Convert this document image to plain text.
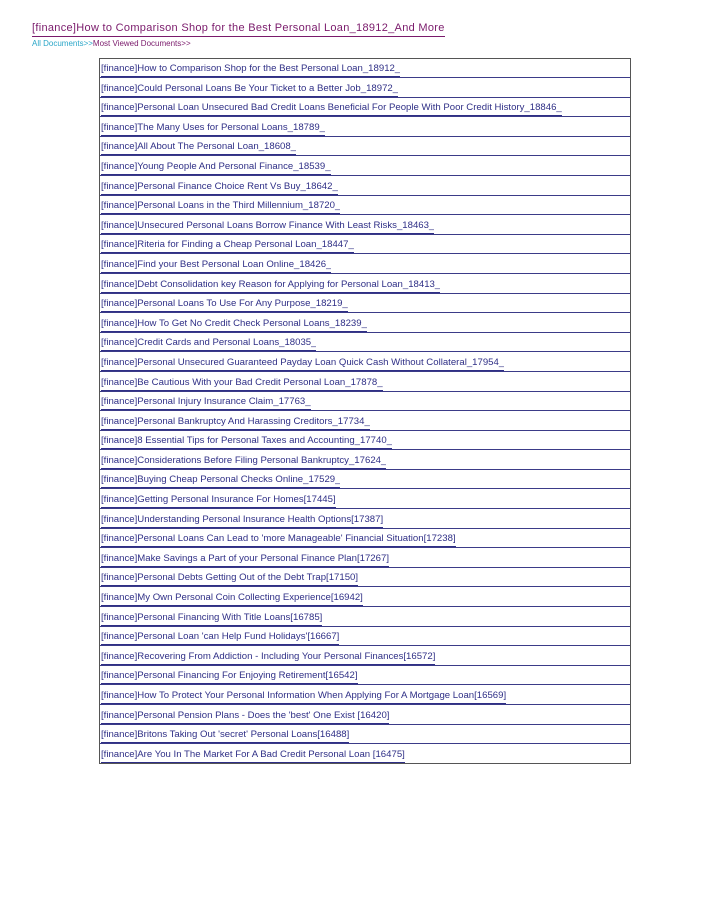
[finance]How to Comparison Shop for the Best Personal Loan_18912_And More
All Documents>>Most Viewed Documents>>
[finance]How to Comparison Shop for the Best Personal Loan_18912_
[finance]Could Personal Loans Be Your Ticket to a Better Job_18972_
[finance]Personal Loan Unsecured Bad Credit Loans Beneficial For People With Poor Credit History_18846_
[finance]The Many Uses for Personal Loans_18789_
[finance]All About The Personal Loan_18608_
[finance]Young People And Personal Finance_18539_
[finance]Personal Finance Choice Rent Vs Buy_18642_
[finance]Personal Loans in the Third Millennium_18720_
[finance]Unsecured Personal Loans Borrow Finance With Least Risks_18463_
[finance]Riteria for Finding a Cheap Personal Loan_18447_
[finance]Find your Best Personal Loan Online_18426_
[finance]Debt Consolidation key Reason for Applying for Personal Loan_18413_
[finance]Personal Loans To Use For Any Purpose_18219_
[finance]How To Get No Credit Check Personal Loans_18239_
[finance]Credit Cards and Personal Loans_18035_
[finance]Personal Unsecured Guaranteed Payday Loan Quick Cash Without Collateral_17954_
[finance]Be Cautious With your Bad Credit Personal Loan_17878_
[finance]Personal Injury Insurance Claim_17763_
[finance]Personal Bankruptcy And Harassing Creditors_17734_
[finance]8 Essential Tips for Personal Taxes and Accounting_17740_
[finance]Considerations Before Filing Personal Bankruptcy_17624_
[finance]Buying Cheap Personal Checks Online_17529_
[finance]Getting Personal Insurance For Homes[17445]
[finance]Understanding Personal Insurance Health Options[17387]
[finance]Personal Loans Can Lead to 'more Manageable' Financial Situation[17238]
[finance]Make Savings a Part of your Personal Finance Plan[17267]
[finance]Personal Debts Getting Out of the Debt Trap[17150]
[finance]My Own Personal Coin Collecting Experience[16942]
[finance]Personal Financing With Title Loans[16785]
[finance]Personal Loan 'can Help Fund Holidays'[16667]
[finance]Recovering From Addiction - Including Your Personal Finances[16572]
[finance]Personal Financing For Enjoying Retirement[16542]
[finance]How To Protect Your Personal Information When Applying For A Mortgage Loan[16569]
[finance]Personal Pension Plans - Does the 'best' One Exist [16420]
[finance]Britons Taking Out 'secret' Personal Loans[16488]
[finance]Are You In The Market For A Bad Credit Personal Loan [16475]
